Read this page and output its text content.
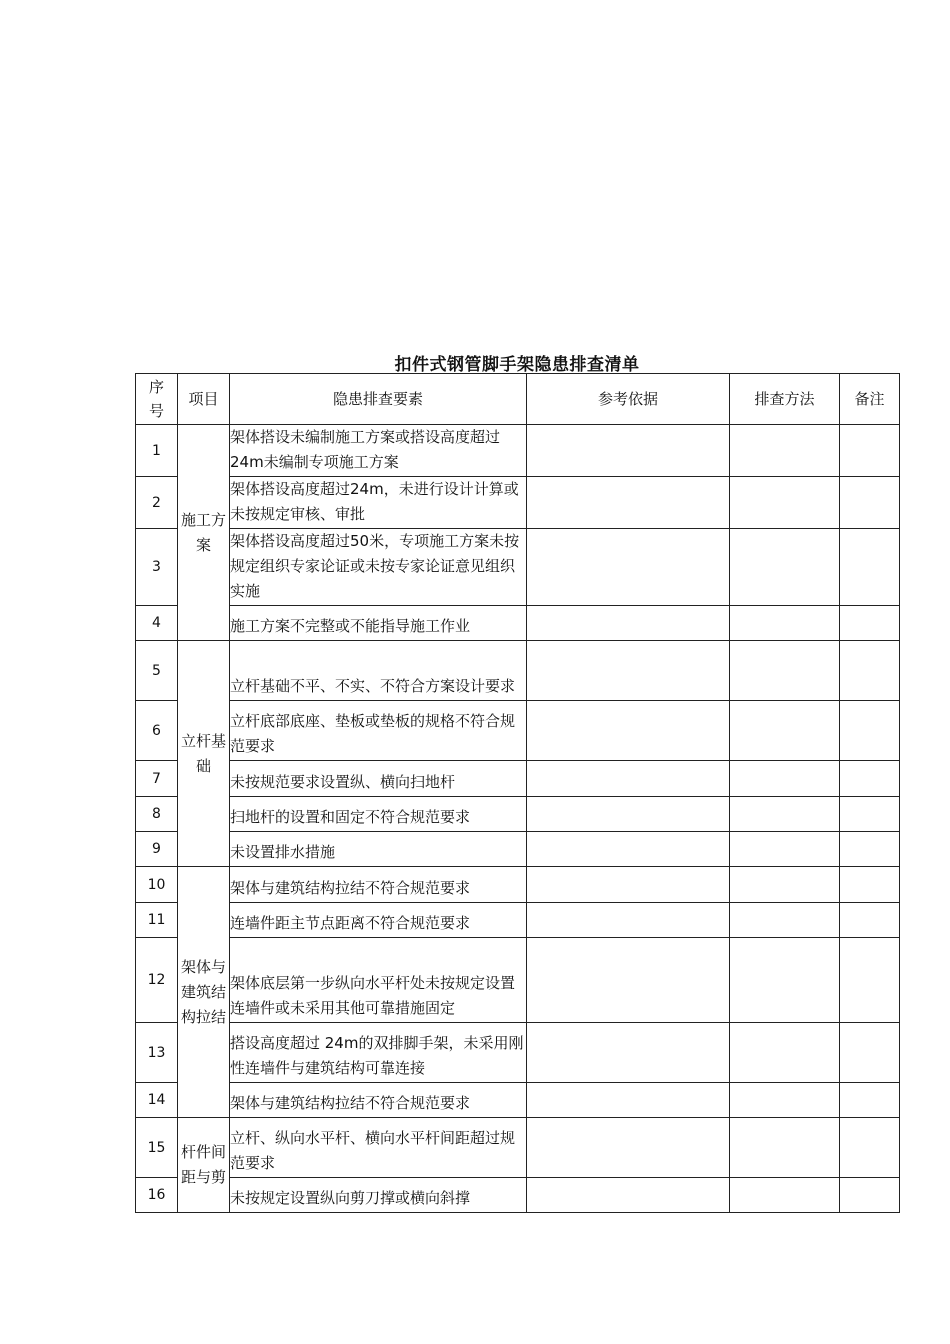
扣件式钢管脚手架隐患排查清单
序号	项目	隐患排查要素	参考依据	排查方法	备注
1	施工方案	架体搭设未编制施工方案或搭设高度超过24m未编制专项施工方案			

2		架体搭设高度超过24m，未进行设计计算或未按规定审核、审批			

3		架体搭设高度超过50米，专项施工方案未按规定组织专家论证或未按专家论证意见组织实施			

4		施工方案不完整或不能指导施工作业			

5	立杆基础	立杆基础不平、不实、不符合方案设计要求			

6		立杆底部底座、垫板或垫板的规格不符合规范要求			

7		未按规范要求设置纵、横向扫地杆			

8		扫地杆的设置和固定不符合规范要求			

9		未设置排水措施			

10	架体与建筑结构拉结	架体与建筑结构拉结不符合规范要求			

11		连墙件距主节点距离不符合规范要求			

12		架体底层第一步纵向水平杆处未按规定设置连墙件或未采用其他可靠措施固定			

13		搭设高度超过 24m的双排脚手架，未采用刚性连墙件与建筑结构可靠连接			

14		架体与建筑结构拉结不符合规范要求			

15	杆件间距与剪	立杆、纵向水平杆、横向水平杆间距超过规范要求			

16		未按规定设置纵向剪刀撑或横向斜撑			
